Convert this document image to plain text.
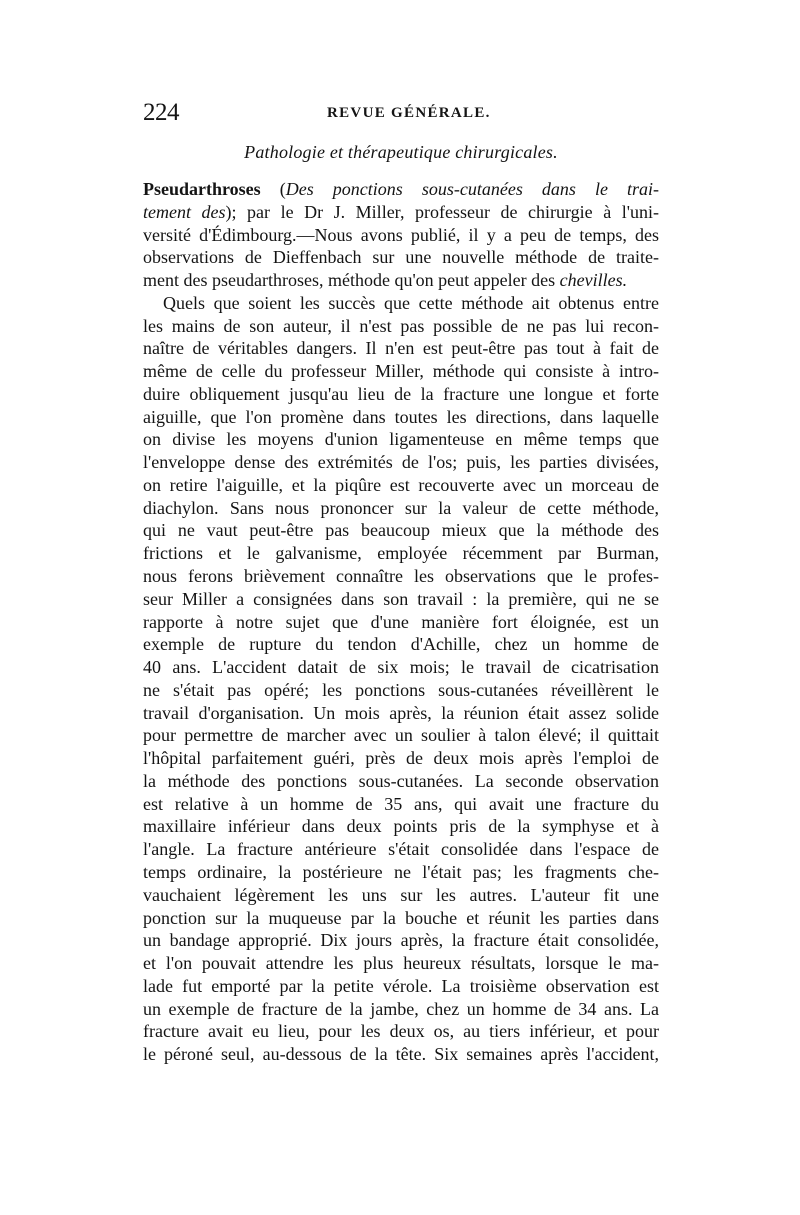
224	REVUE GÉNÉRALE.
Pathologie et thérapeutique chirurgicales.
Pseudarthroses (Des ponctions sous-cutanées dans le trai-
tement des); par le Dr J. Miller, professeur de chirurgie à l'uni-
versité d'Édimbourg.—Nous avons publié, il y a peu de temps, des
observations de Dieffenbach sur une nouvelle méthode de traite-
ment des pseudarthroses, méthode qu'on peut appeler des chevilles.
Quels que soient les succès que cette méthode ait obtenus entre
les mains de son auteur, il n'est pas possible de ne pas lui recon-
naître de véritables dangers. Il n'en est peut-être pas tout à fait de
même de celle du professeur Miller, méthode qui consiste à intro-
duire obliquement jusqu'au lieu de la fracture une longue et forte
aiguille, que l'on promène dans toutes les directions, dans laquelle
on divise les moyens d'union ligamenteuse en même temps que
l'enveloppe dense des extrémités de l'os; puis, les parties divisées,
on retire l'aiguille, et la piqûre est recouverte avec un morceau de
diachylon. Sans nous prononcer sur la valeur de cette méthode,
qui ne vaut peut-être pas beaucoup mieux que la méthode des
frictions et le galvanisme, employée récemment par Burman,
nous ferons brièvement connaître les observations que le profes-
seur Miller a consignées dans son travail : la première, qui ne se
rapporte à notre sujet que d'une manière fort éloignée, est un
exemple de rupture du tendon d'Achille, chez un homme de
40 ans. L'accident datait de six mois; le travail de cicatrisation
ne s'était pas opéré; les ponctions sous-cutanées réveillèrent le
travail d'organisation. Un mois après, la réunion était assez solide
pour permettre de marcher avec un soulier à talon élevé; il quittait
l'hôpital parfaitement guéri, près de deux mois après l'emploi de
la méthode des ponctions sous-cutanées. La seconde observation
est relative à un homme de 35 ans, qui avait une fracture du
maxillaire inférieur dans deux points pris de la symphyse et à
l'angle. La fracture antérieure s'était consolidée dans l'espace de
temps ordinaire, la postérieure ne l'était pas; les fragments che-
vauchaient légèrement les uns sur les autres. L'auteur fit une
ponction sur la muqueuse par la bouche et réunit les parties dans
un bandage approprié. Dix jours après, la fracture était consolidée,
et l'on pouvait attendre les plus heureux résultats, lorsque le ma-
lade fut emporté par la petite vérole. La troisième observation est
un exemple de fracture de la jambe, chez un homme de 34 ans. La
fracture avait eu lieu, pour les deux os, au tiers inférieur, et pour
le péroné seul, au-dessous de la tête. Six semaines après l'accident,
